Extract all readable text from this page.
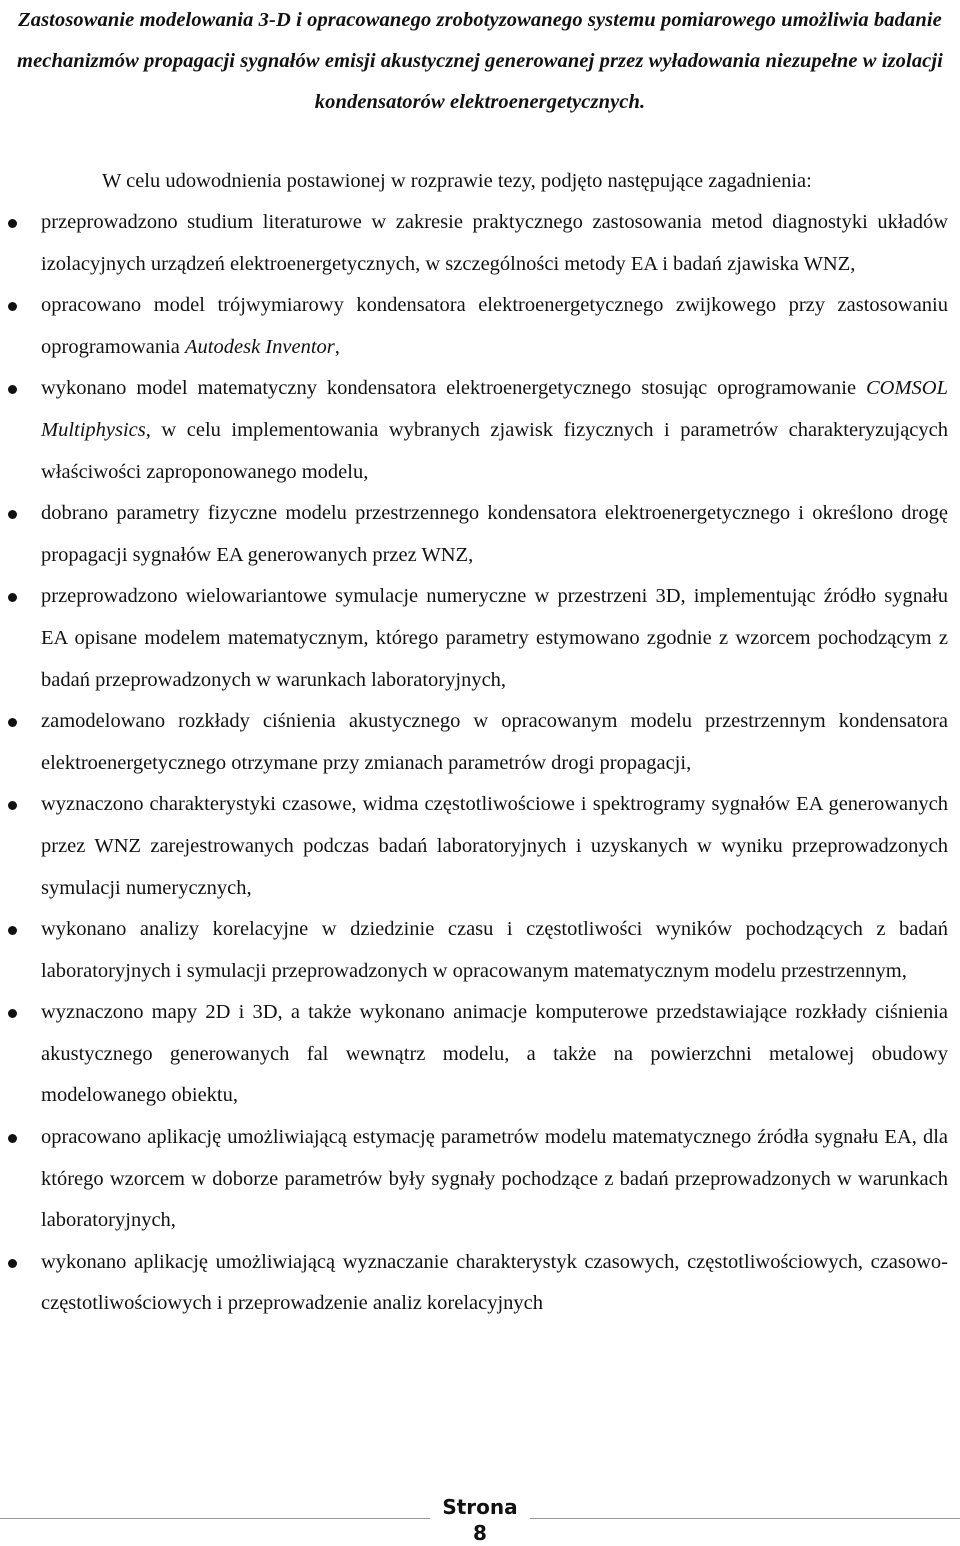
Zastosowanie modelowania 3-D i opracowanego zrobotyzowanego systemu pomiarowego umożliwia badanie mechanizmów propagacji sygnałów emisji akustycznej generowanej przez wyładowania niezupełne w izolacji kondensatorów elektroenergetycznych.

W celu udowodnienia postawionej w rozprawie tezy, podjęto następujące zagadnienia:

przeprowadzono studium literaturowe w zakresie praktycznego zastosowania metod diagnostyki układów izolacyjnych urządzeń elektroenergetycznych, w szczególności metody EA i badań zjawiska WNZ,
opracowano model trójwymiarowy kondensatora elektroenergetycznego zwijkowego przy zastosowaniu oprogramowania Autodesk Inventor,
wykonano model matematyczny kondensatora elektroenergetycznego stosując oprogramowanie COMSOL Multiphysics, w celu implementowania wybranych zjawisk fizycznych i parametrów charakteryzujących właściwości zaproponowanego modelu,
dobrano parametry fizyczne modelu przestrzennego kondensatora elektroenergetycznego i określono drogę propagacji sygnałów EA generowanych przez WNZ,
przeprowadzono wielowariantowe symulacje numeryczne w przestrzeni 3D, implementując źródło sygnału EA opisane modelem matematycznym, którego parametry estymowano zgodnie z wzorcem pochodzącym z badań przeprowadzonych w warunkach laboratoryjnych,
zamodelowano rozkłady ciśnienia akustycznego w opracowanym modelu przestrzennym kondensatora elektroenergetycznego otrzymane przy zmianach parametrów drogi propagacji,
wyznaczono charakterystyki czasowe, widma częstotliwościowe i spektrogramy sygnałów EA generowanych przez WNZ zarejestrowanych podczas badań laboratoryjnych i uzyskanych w wyniku przeprowadzonych symulacji numerycznych,
wykonano analizy korelacyjne w dziedzinie czasu i częstotliwości wyników pochodzących z badań laboratoryjnych i symulacji przeprowadzonych w opracowanym matematycznym modelu przestrzennym,
wyznaczono mapy 2D i 3D, a także wykonano animacje komputerowe przedstawiające rozkłady ciśnienia akustycznego generowanych fal wewnątrz modelu, a także na powierzchni metalowej obudowy modelowanego obiektu,
opracowano aplikację umożliwiającą estymację parametrów modelu matematycznego źródła sygnału EA, dla którego wzorcem w doborze parametrów były sygnały pochodzące z badań przeprowadzonych w warunkach laboratoryjnych,
wykonano aplikację umożliwiającą wyznaczanie charakterystyk czasowych, częstotliwościowych, czasowo-częstotliwościowych i przeprowadzenie analiz korelacyjnych
Strona
8
